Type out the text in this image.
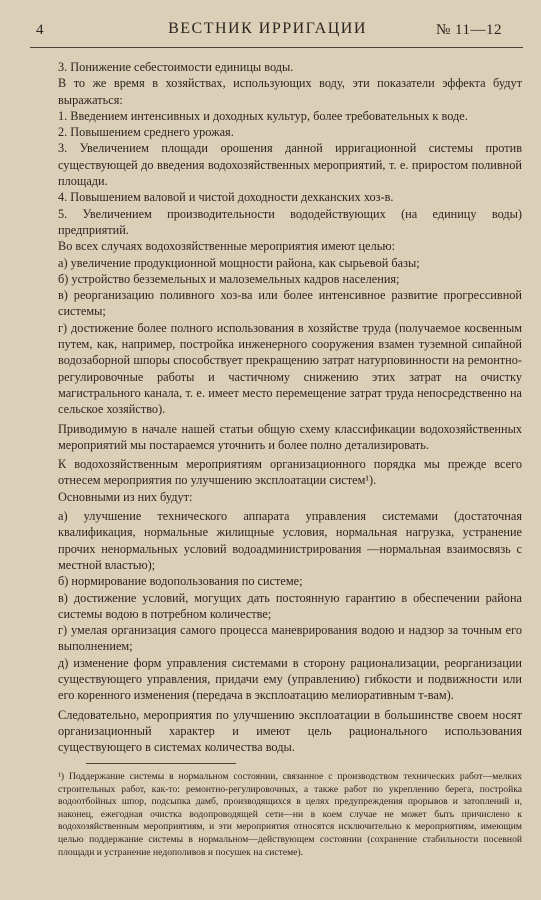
4	ВЕСТНИК ИРРИГАЦИИ	№ 11—12

3. Понижение себестоимости единицы воды.

В то же время в хозяйствах, использующих воду, эти показатели эффекта будут выражаться:

1. Введением интенсивных и доходных культур, более требовательных к воде.

2. Повышением среднего урожая.

3. Увеличением площади орошения данной ирригационной системы против существующей до введения водохозяйственных мероприятий, т. е. приростом поливной площади.

4. Повышением валовой и чистой доходности дехканских хоз-в.

5. Увеличением производительности вододействующих (на единицу воды) предприятий.

Во всех случаях водохозяйственные мероприятия имеют целью:

а) увеличение продукционной мощности района, как сырьевой базы;

б) устройство безземельных и малоземельных кадров населения;

в) реорганизацию поливного хоз-ва или более интенсивное развитие прогрессивной системы;

г) достижение более полного использования в хозяйстве труда (получаемое косвенным путем, как, например, постройка инженерного сооружения взамен туземной сипайной водозаборной шпоры способствует прекращению затрат натурповинности на ремонтно-регулировочные работы и частичному снижению этих затрат на очистку магистрального канала, т. е. имеет место перемещение затрат труда непосредственно на сельское хозяйство).

Приводимую в начале нашей статьи общую схему классификации водохозяйственных мероприятий мы постараемся уточнить и более полно детализировать.

К водохозяйственным мероприятиям организационного порядка мы прежде всего отнесем мероприятия по улучшению эксплоатации систем¹).

Основными из них будут:

а) улучшение технического аппарата управления системами (достаточная квалификация, нормальные жилищные условия, нормальная нагрузка, устранение прочих ненормальных условий водоадминистрирования —нормальная взаимосвязь с местной властью);

б) нормирование водопользования по системе;

в) достижение условий, могущих дать постоянную гарантию в обеспечении района системы водою в потребном количестве;

г) умелая организация самого процесса маневрирования водою и надзор за точным его выполнением;

д) изменение форм управления системами в сторону рационализации, реорганизации существующего управления, придачи ему (управлению) гибкости и подвижности или его коренного изменения (передача в эксплоатацию мелиоративным т-вам).

Следовательно, мероприятия по улучшению эксплоатации в большинстве своем носят организационный характер и имеют цель рационального использования существующего в системах количества воды.

¹) Поддержание системы в нормальном состоянии, связанное с производством технических работ—мелких строительных работ, как-то: ремонтно-регулировочных, а также работ по укреплению берега, постройка водоотбойных шпор, подсыпка дамб, производящихся в целях предупреждения прорывов и затоплений и, наконец, ежегодная очистка водопроводящей сети—ни в коем случае не может быть причислено к водохозяйственным мероприятиям, и эти мероприятия относятся исключительно к мероприятиям, имеющим целью поддержание системы в нормальном—действующем состоянии (сохранение стабильности посевной площади и устранение недополивов и посушек на системе).
